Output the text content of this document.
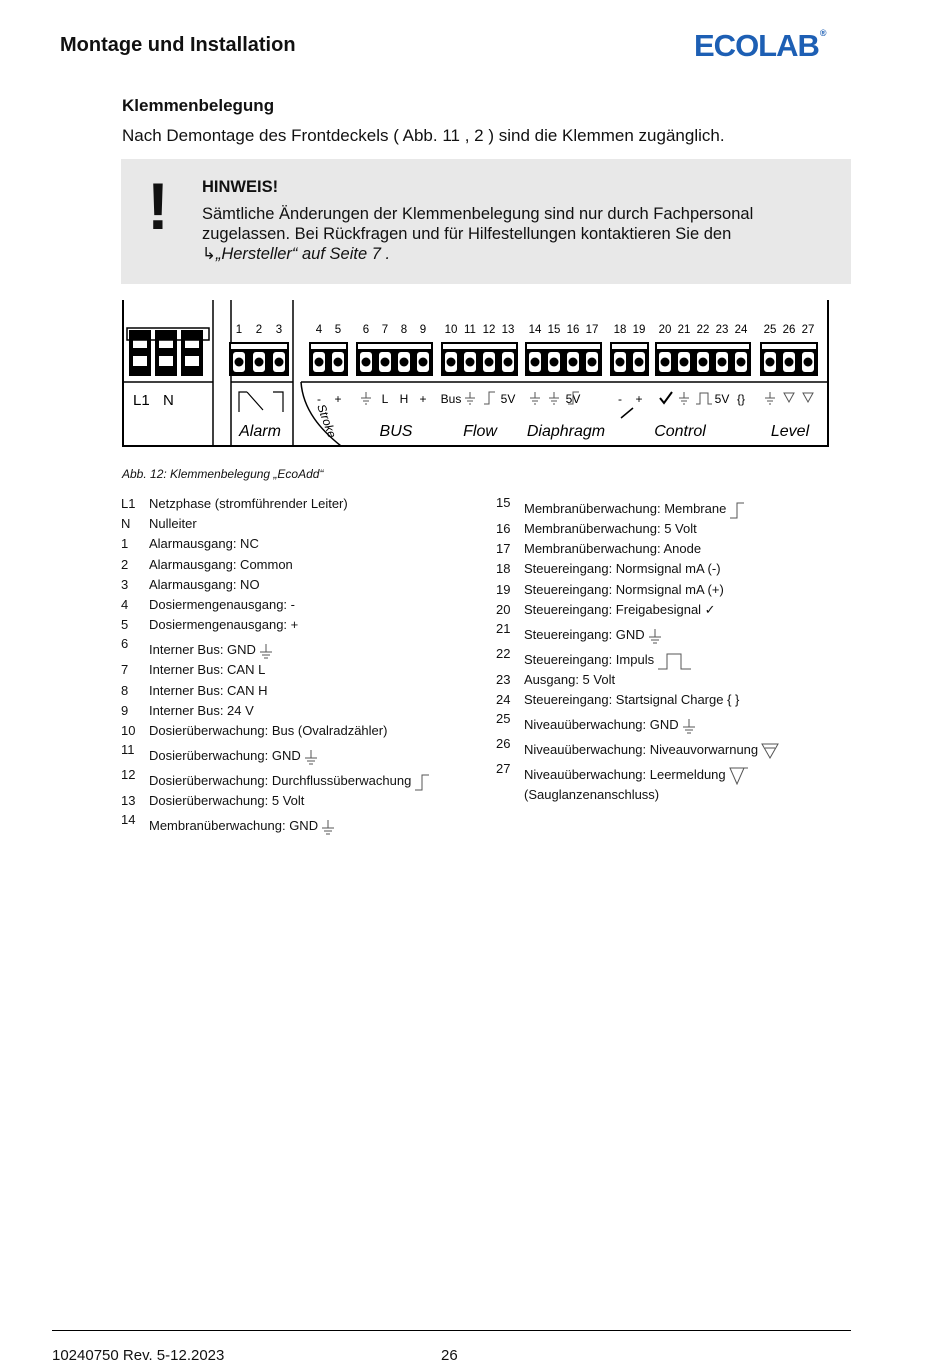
Montage und Installation	ECOLAB®
Klemmenbelegung
Nach Demontage des Frontdeckels ( Abb. 11 , 2 ) sind die Klemmen zugänglich.
! HINWEIS!
Sämtliche Änderungen der Klemmenbelegung sind nur durch Fachpersonal zugelassen. Bei Rückfragen und für Hilfestellungen kontaktieren Sie den
↳„Hersteller“ auf Seite 7 .
L1 N
1 2 3	4 5 6 7 8 9 10 11 12 13 14 15 16 17 18 19 20 21 22 23 24 25 26 27
- +	L H + Bus	5V	5V	- +	5V {}
Alarm	BUS	Flow Diaphragm	Control	Level
Stroke
Abb. 12: Klemmenbelegung „EcoAdd“
L1 Netzphase (stromführender Leiter)
N Nulleiter
1 Alarmausgang: NC
2 Alarmausgang: Common
3 Alarmausgang: NO
4 Dosiermengenausgang: -
5 Dosiermengenausgang: +
6 Interner Bus: GND
7 Interner Bus: CAN L
8 Interner Bus: CAN H
9 Interner Bus: 24 V
10 Dosierüberwachung: Bus (Ovalradzähler)
11 Dosierüberwachung: GND
12 Dosierüberwachung: Durchflussüberwachung
13 Dosierüberwachung: 5 Volt
14 Membranüberwachung: GND
15 Membranüberwachung: Membrane
16 Membranüberwachung: 5 Volt
17 Membranüberwachung: Anode
18 Steuereingang: Normsignal mA (-)
19 Steuereingang: Normsignal mA (+)
20 Steuereingang: Freigabesignal ✓
21 Steuereingang: GND
22 Steuereingang: Impuls
23 Ausgang: 5 Volt
24 Steuereingang: Startsignal Charge { }
25 Niveauüberwachung: GND
26 Niveauüberwachung: Niveauvorwarnung
27 Niveauüberwachung: Leermeldung
(Sauglanzenanschluss)
10240750 Rev. 5-12.2023	26
